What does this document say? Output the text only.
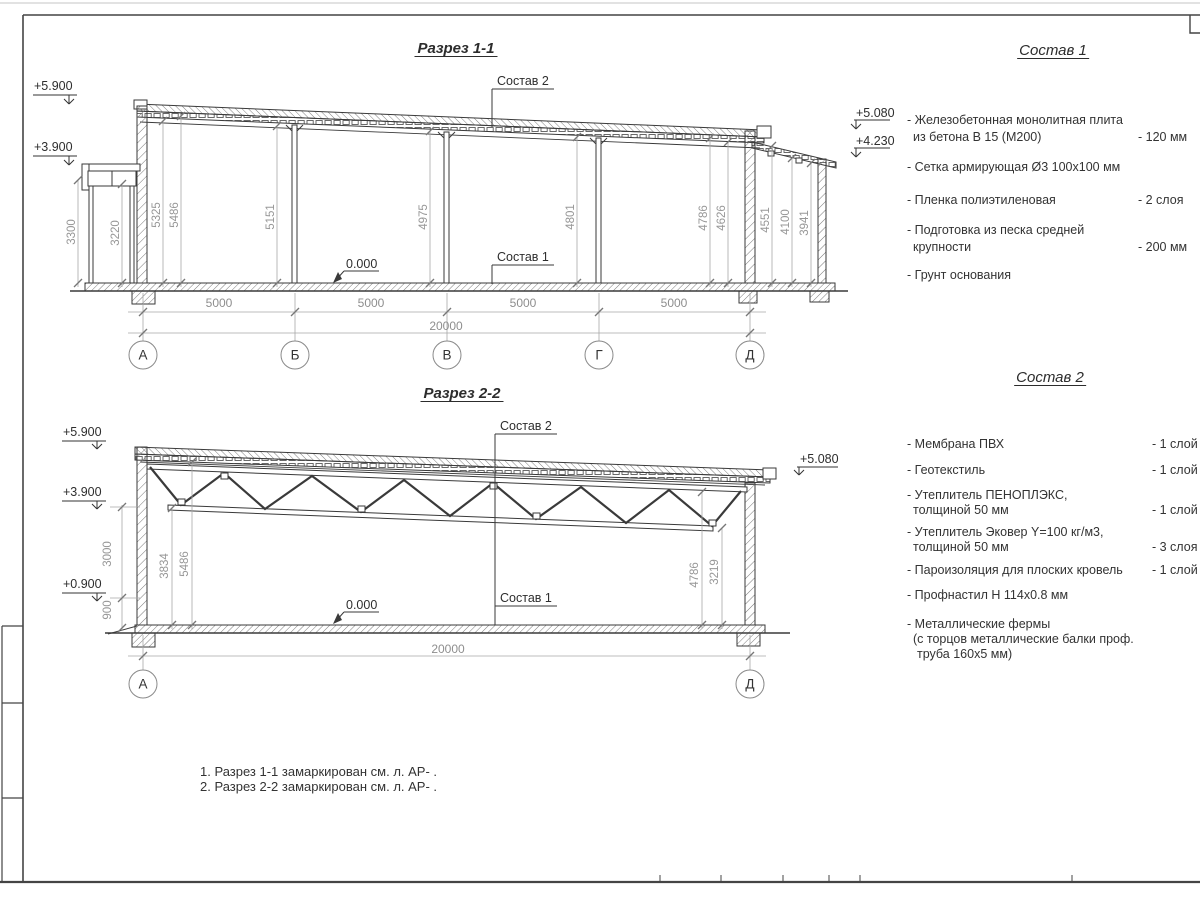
Разрез 1-1
+5.900
+3.900
+5.080
+4.230
Состав 2
Состав 1
0.000
3300	3220
5325 5486	5151	4975	4801	4786 4626	4551 4100 3941
5000	5000	5000	5000
20000
А	Б	В	Г	Д
Разрез 2-2
+5.900
+3.900
+0.900
+5.080
Состав 2
Состав 1
0.000
3000
900
3834 5486	4786 3219
20000
А	Д
Состав 1
- Железобетонная монолитная плита
из бетона В 15 (М200)	- 120 мм
- Сетка армирующая Ø3 100х100 мм
- Пленка полиэтиленовая	- 2 слоя
- Подготовка из песка средней
крупности	- 200 мм
- Грунт основания
Состав 2
- Мембрана ПВХ	- 1 слой
- Геотекстиль	- 1 слой
- Утеплитель ПЕНОПЛЭКС,
толщиной 50 мм	- 1 слой
- Утеплитель Эковер Y=100 кг/м3,
толщиной 50 мм	- 3 слоя
- Пароизоляция для плоских кровель - 1 слой
- Профнастил Н 114х0.8 мм
- Металлические фермы
(с торцов металлические балки проф.
труба 160х5 мм)
1. Разрез 1-1 замаркирован см. л. АР- .
2. Разрез 2-2 замаркирован см. л. АР- .
